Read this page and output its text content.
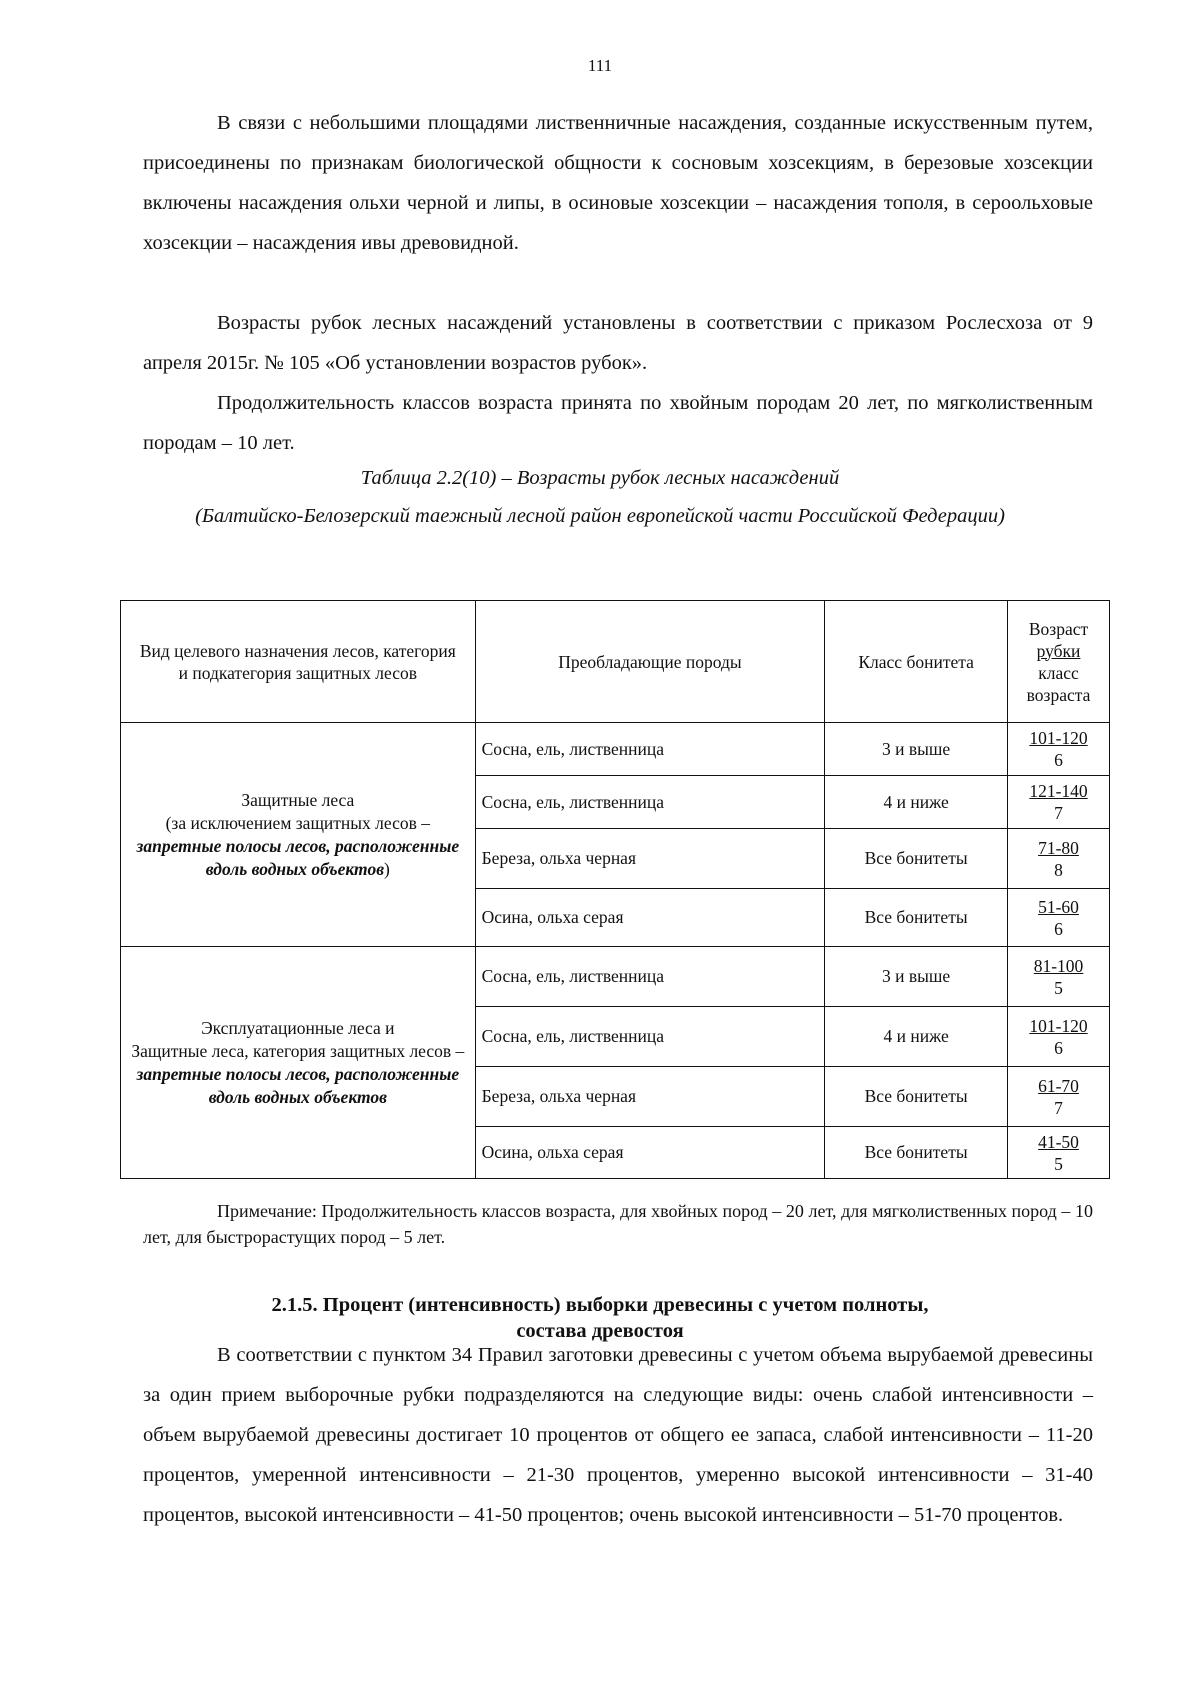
111

В связи с небольшими площадями лиственничные насаждения, созданные искусственным путем, присоединены по признакам биологической общности к сосновым хозсекциям, в березовые хозсекции включены насаждения ольхи черной и липы, в осиновые хозсекции – насаждения тополя, в сероольховые хозсекции – насаждения ивы древовидной.

Возрасты рубок лесных насаждений установлены в соответствии с приказом Рослесхоза от 9 апреля 2015г. № 105 «Об установлении возрастов рубок».

Продолжительность классов возраста принята по хвойным породам 20 лет, по мягколиственным породам – 10 лет.

Таблица 2.2(10) – Возрасты рубок лесных насаждений

(Балтийско-Белозерский таежный лесной район европейской части Российской Федерации)

Вид целевого назначения лесов, категория и подкатегория защитных лесов	Преобладающие породы	Класс бонитета	Возраст
рубки
класс
возраста

Защитные леса
(за исключением защитных лесов – запретные полосы лесов, расположенные вдоль водных объектов)	Сосна, ель, лиственница	3 и выше	101-120
6

	Сосна, ель, лиственница	4 и ниже	121-140
7

	Береза, ольха черная	Все бонитеты	71-80
8

	Осина, ольха серая	Все бонитеты	51-60
6

Эксплуатационные леса и
Защитные леса, категория защитных лесов – запретные полосы лесов, расположенные вдоль водных объектов	Сосна, ель, лиственница	3 и выше	81-100
5

	Сосна, ель, лиственница	4 и ниже	101-120
6

	Береза, ольха черная	Все бонитеты	61-70
7

	Осина, ольха серая	Все бонитеты	41-50
5

Примечание: Продолжительность классов возраста, для хвойных пород – 20 лет, для мягколиственных пород – 10 лет, для быстрорастущих пород – 5 лет.

2.1.5. Процент (интенсивность) выборки древесины с учетом полноты,
состава древостоя

В соответствии с пунктом 34 Правил заготовки древесины с учетом объема вырубаемой древесины за один прием выборочные рубки подразделяются на следующие виды: очень слабой интенсивности – объем вырубаемой древесины достигает 10 процентов от общего ее запаса, слабой интенсивности – 11-20 процентов, умеренной интенсивности – 21-30 процентов, умеренно высокой интенсивности – 31-40 процентов, высокой интенсивности – 41-50 процентов; очень высокой интенсивности – 51-70 процентов.
